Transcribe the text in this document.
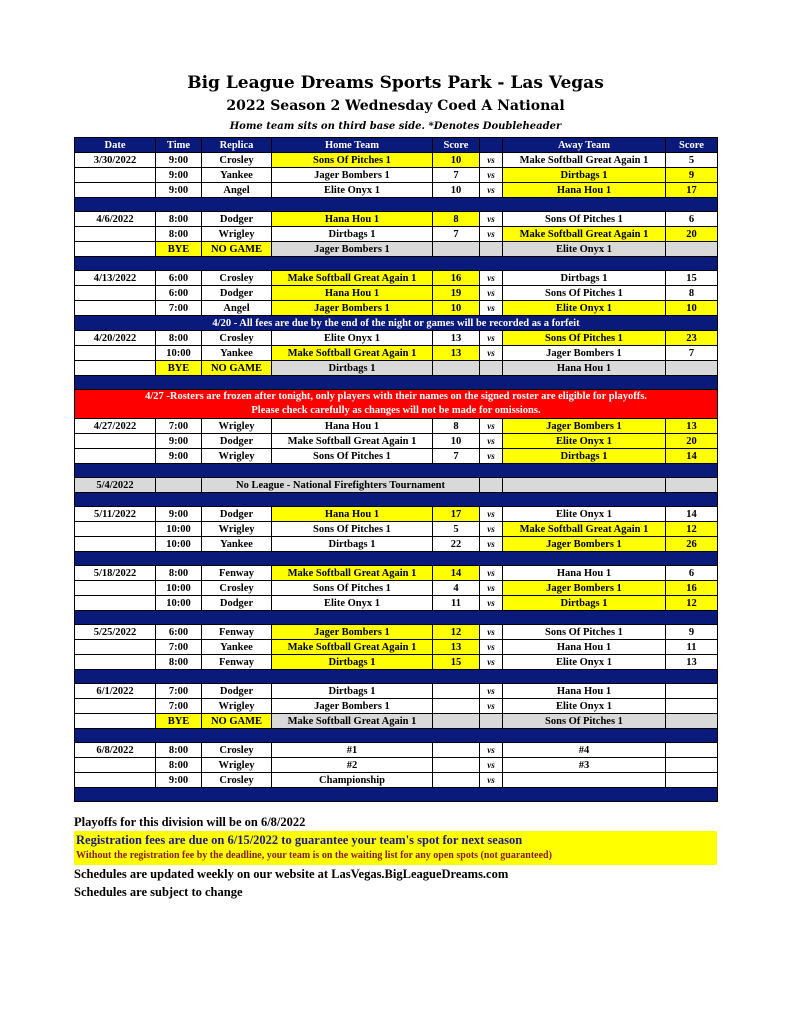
Big League Dreams Sports Park - Las Vegas
2022 Season 2 Wednesday Coed A National
Home team sits on third base side. *Denotes Doubleheader
Date	Time	Replica	Home Team	Score		Away Team	Score
3/30/2022	9:00	Crosley	Sons Of Pitches 1	10	vs	Make Softball Great Again 1	5
	9:00	Yankee	Jager Bombers 1	7	vs	Dirtbags 1	9
	9:00	Angel	Elite Onyx 1	10	vs	Hana Hou 1	17

4/6/2022	8:00	Dodger	Hana Hou 1	8	vs	Sons Of Pitches 1	6
	8:00	Wrigley	Dirtbags 1	7	vs	Make Softball Great Again 1	20
	BYE	NO GAME	Jager Bombers 1			Elite Onyx 1	

4/13/2022	6:00	Crosley	Make Softball Great Again 1	16	vs	Dirtbags 1	15
	6:00	Dodger	Hana Hou 1	19	vs	Sons Of Pitches 1	8
	7:00	Angel	Jager Bombers 1	10	vs	Elite Onyx 1	10
4/20 - All fees are due by the end of the night or games will be recorded as a forfeit							
4/20/2022	8:00	Crosley	Elite Onyx 1	13	vs	Sons Of Pitches 1	23
	10:00	Yankee	Make Softball Great Again 1	13	vs	Jager Bombers 1	7
	BYE	NO GAME	Dirtbags 1			Hana Hou 1	

4/27 -Rosters are frozen after tonight, only players with their names on the signed roster are eligible for playoffs.
Please check carefully as changes will not be made for omissions.							

4/27/2022	7:00	Wrigley	Hana Hou 1	8	vs	Jager Bombers 1	13
	9:00	Dodger	Make Softball Great Again 1	10	vs	Elite Onyx 1	20
	9:00	Wrigley	Sons Of Pitches 1	7	vs	Dirtbags 1	14

5/4/2022		No League - National Firefighters Tournament					

5/11/2022	9:00	Dodger	Hana Hou 1	17	vs	Elite Onyx 1	14
	10:00	Wrigley	Sons Of Pitches 1	5	vs	Make Softball Great Again 1	12
	10:00	Yankee	Dirtbags 1	22	vs	Jager Bombers 1	26

5/18/2022	8:00	Fenway	Make Softball Great Again 1	14	vs	Hana Hou 1	6
	10:00	Crosley	Sons Of Pitches 1	4	vs	Jager Bombers 1	16
	10:00	Dodger	Elite Onyx 1	11	vs	Dirtbags 1	12

5/25/2022	6:00	Fenway	Jager Bombers 1	12	vs	Sons Of Pitches 1	9
	7:00	Yankee	Make Softball Great Again 1	13	vs	Hana Hou 1	11
	8:00	Fenway	Dirtbags 1	15	vs	Elite Onyx 1	13

6/1/2022	7:00	Dodger	Dirtbags 1		vs	Hana Hou 1	
	7:00	Wrigley	Jager Bombers 1		vs	Elite Onyx 1	
	BYE	NO GAME	Make Softball Great Again 1			Sons Of Pitches 1	

6/8/2022	8:00	Crosley	#1		vs	#4	
	8:00	Wrigley	#2		vs	#3	
	9:00	Crosley	Championship		vs		

Playoffs for this division will be on 6/8/2022
Registration fees are due on 6/15/2022 to guarantee your team's spot for next season
Without the registration fee by the deadline, your team is on the waiting list for any open spots (not guaranteed)
Schedules are updated weekly on our website at LasVegas.BigLeagueDreams.com
Schedules are subject to change
